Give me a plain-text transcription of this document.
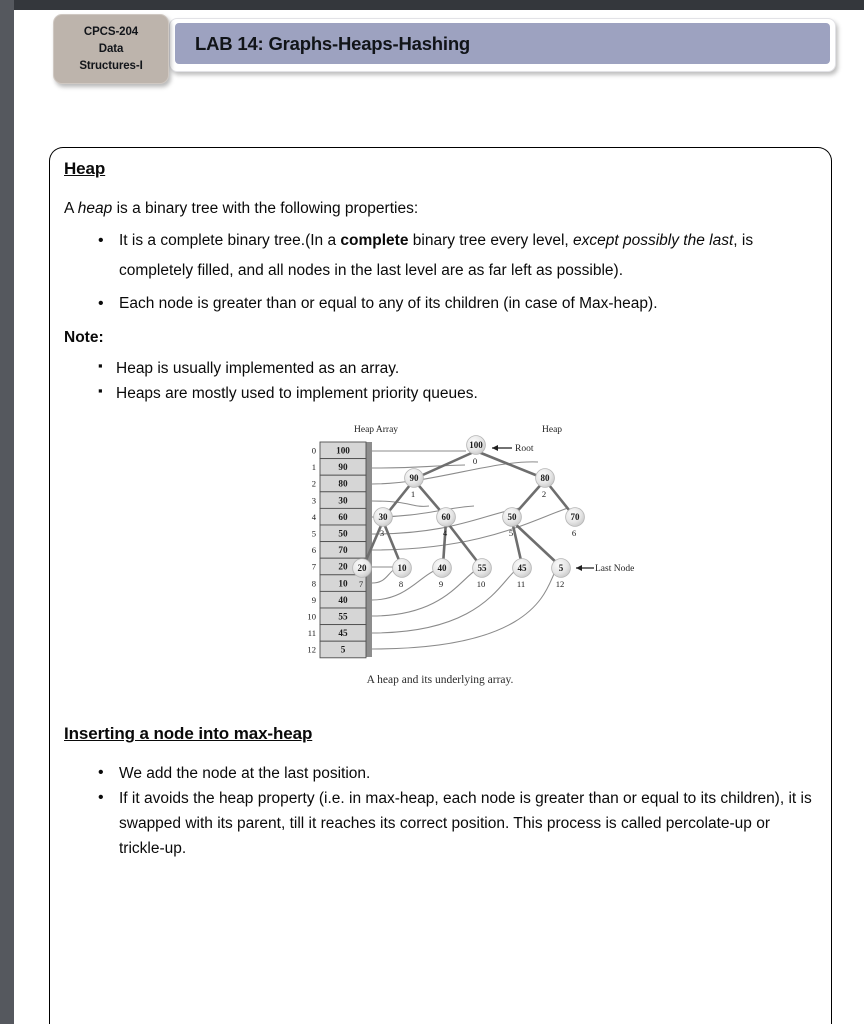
CPCS-204
Data
Structures-I
LAB 14: Graphs-Heaps-Hashing
Heap

A heap is a binary tree with the following properties:

• It is a complete binary tree.(In a complete binary tree every level, except possibly the last, is completely filled, and all nodes in the last level are as far left as possible).
• Each node is greater than or equal to any of its children (in case of Max-heap).
Note:
▪ Heap is usually implemented as an array.
▪ Heaps are mostly used to implement priority queues.
Heap Array	Heap
100
90
80
30
60
50
70
20
10
40
55
45
5
0
1
2
3
4
5
6
7
8
9
10
11
12
100
0
90
1
80
2
30
3
60
4
50
5
70
6
20
7
10
8
40
9
55
10
45
11
5
12
Root
Last Node
A heap and its underlying array.
Inserting a node into max-heap
• We add the node at the last position.
• If it avoids the heap property (i.e. in max-heap, each node is greater than or equal to its children), it is swapped with its parent, till it reaches its correct position. This process is called percolate-up or trickle-up.
